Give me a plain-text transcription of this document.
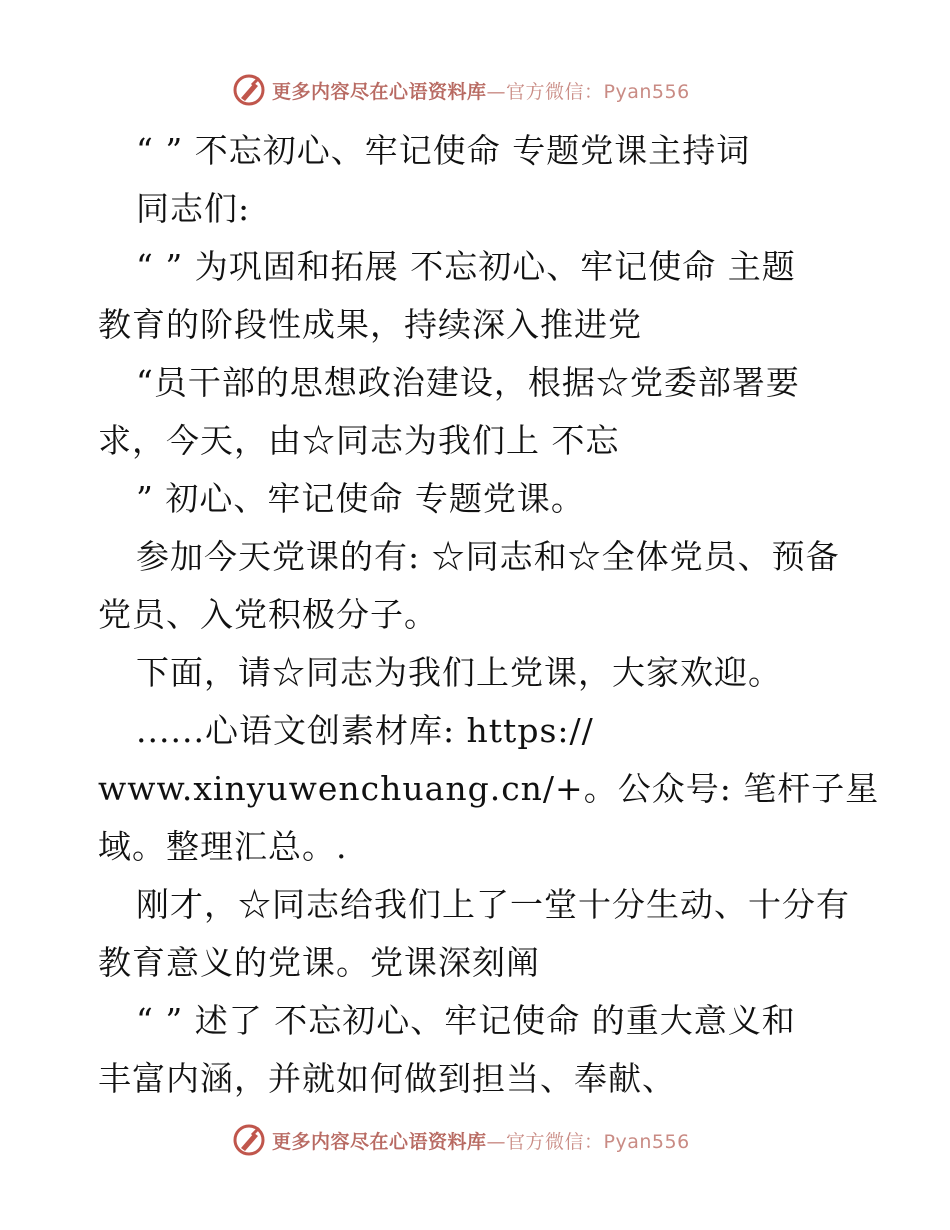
更多内容尽在心语资料库—官方微信：Pyan556
“ ” 不忘初心、牢记使命 专题党课主持词
同志们:
“ ” 为巩固和拓展 不忘初心、牢记使命 主题
教育的阶段性成果，持续深入推进党
“员干部的思想政治建设，根据☆党委部署要
求，今天，由☆同志为我们上 不忘
” 初心、牢记使命 专题党课。
参加今天党课的有: ☆同志和☆全体党员、预备
党员、入党积极分子。
下面，请☆同志为我们上党课，大家欢迎。
......心语文创素材库: https://
www.xinyuwenchuang.cn/+。公众号: 笔杆子星
域。整理汇总。.
刚才，☆同志给我们上了一堂十分生动、十分有
教育意义的党课。党课深刻阐
“ ” 述了 不忘初心、牢记使命 的重大意义和
丰富内涵，并就如何做到担当、奉献、
更多内容尽在心语资料库—官方微信：Pyan556
